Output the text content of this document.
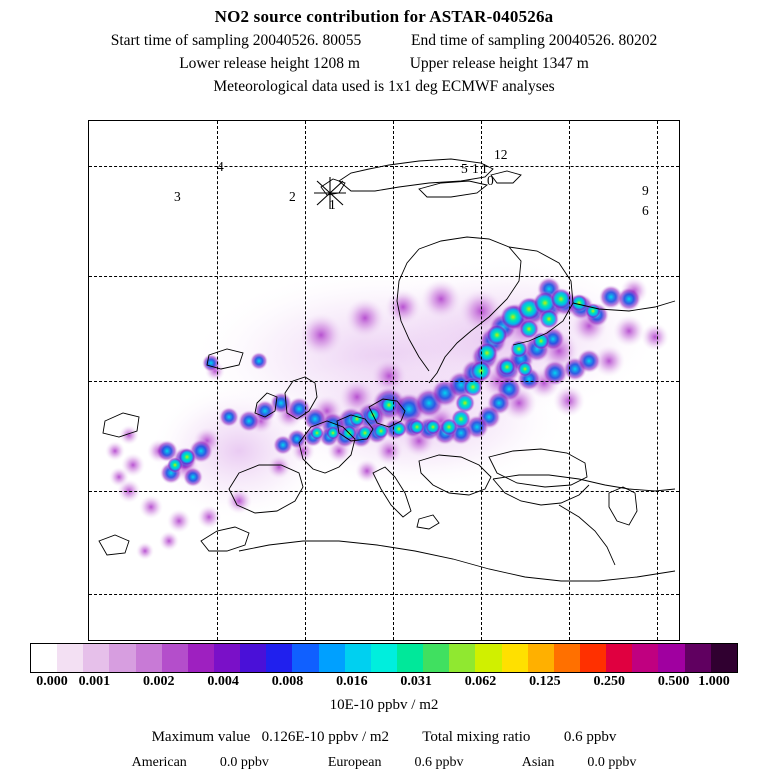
NO2 source contribution for ASTAR-040526a
Start time of sampling 20040526. 80055	End time of sampling 20040526. 80202
Lower release height 1208 m	Upper release height 1347 m
Meteorological data used is 1x1 deg ECMWF analyses
4
3	2
1
12
5 1 1
0
9
6
0.000 0.001 0.002 0.004 0.008 0.016 0.031 0.062 0.125 0.250 0.500 1.000
10E-10 ppbv / m2
Maximum value 0.126E-10 ppbv / m2 Total mixing ratio 0.6 ppbv
American 0.0 ppbv	European 0.6 ppbv	Asian 0.0 ppbv
